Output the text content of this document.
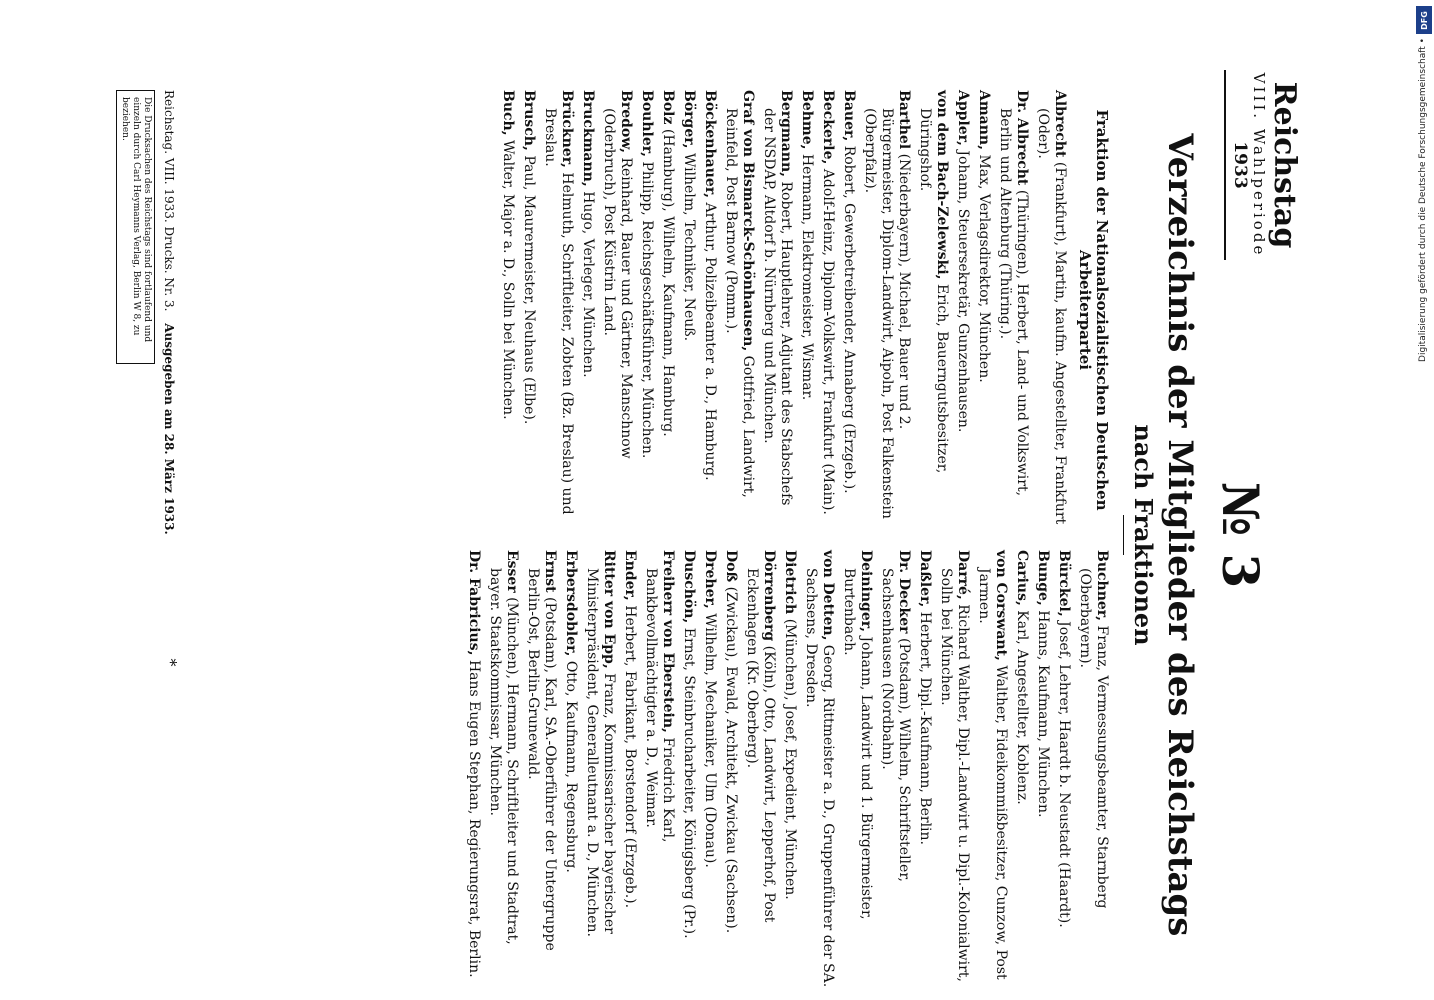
DFG
Digitalisierung gefördert durch die Deutsche Forschungsgemeinschaft •
Reichstag
VIII. Wahlperiode
1933
№ 3
Verzeichnis der Mitglieder des Reichstags
nach Fraktionen
Fraktion der Nationalsozialistischen Deutschen Arbeiterpartei
Albrecht (Frankfurt), Martin, kaufm. Angestellter, Frankfurt (Oder).
Dr. Albrecht (Thüringen), Herbert, Land- und Volkswirt, Berlin und Altenburg (Thüring.).
Amann, Max, Verlagsdirektor, München.
Appler, Johann, Steuersekretär, Gunzenhausen.
von dem Bach-Zelewski, Erich, Bauerngutsbesitzer, Düringshof.
Barthel (Niederbayern), Michael, Bauer und 2. Bürgermeister, Diplom-Landwirt, Aipoln, Post Falkenstein (Oberpfalz).
Bauer, Robert, Gewerbetreibender, Annaberg (Erzgeb.).
Beckerle, Adolf-Heinz, Diplom-Volkswirt, Frankfurt (Main).
Behme, Hermann, Elektromeister, Wismar.
Bergmann, Robert, Hauptlehrer, Adjutant des Stabschefs der NSDAP, Altdorf b. Nürnberg und München.
Graf von Bismarck-Schönhausen, Gottfried, Landwirt, Reinfeld, Post Barnow (Pomm.).
Böckenhauer, Arthur, Polizeibeamter a. D., Hamburg.
Börger, Wilhelm, Techniker, Neuß.
Bolz (Hamburg), Wilhelm, Kaufmann, Hamburg.
Bouhler, Philipp, Reichsgeschäftsführer, München.
Bredow, Reinhard, Bauer und Gärtner, Manschnow (Oderbruch), Post Küstrin Land.
Bruckmann, Hugo, Verleger, München.
Brückner, Helmuth, Schriftleiter, Zobten (Bz. Breslau) und Breslau.
Brusch, Paul, Maurermeister, Neuhaus (Elbe).
Buch, Walter, Major a. D., Solln bei München.
Buchner, Franz, Vermessungsbeamter, Starnberg (Oberbayern).
Bürckel, Josef, Lehrer, Haardt b. Neustadt (Haardt).
Bunge, Hanns, Kaufmann, München.
Carius, Karl, Angestellter, Koblenz.
von Corswant, Walther, Fideikommißbesitzer, Cunzow, Post Jarmen.
Darré, Richard Walther, Dipl.-Landwirt u. Dipl.-Kolonialwirt, Solln bei München.
Daßler, Herbert, Dipl.-Kaufmann, Berlin.
Dr. Decker (Potsdam), Wilhelm, Schriftsteller, Sachsenhausen (Nordbahn).
Deininger, Johann, Landwirt und 1. Bürgermeister, Burtenbach.
von Detten, Georg, Rittmeister a. D., Gruppenführer der SA. Sachsens, Dresden.
Dietrich (München), Josef, Expedient, München.
Dörrenberg (Köln), Otto, Landwirt, Lepperhof, Post Eckenhagen (Kr. Oberberg).
Doß (Zwickau), Ewald, Architekt, Zwickau (Sachsen).
Dreher, Wilhelm, Mechaniker, Ulm (Donau).
Duschön, Ernst, Steinbrucharbeiter, Königsberg (Pr.).
Freiherr von Eberstein, Friedrich Karl, Bankbevollmächtigter a. D., Weimar.
Ender, Herbert, Fabrikant, Borstendorf (Erzgeb.).
Ritter von Epp, Franz, Kommissarischer bayerischer Ministerpräsident, Generalleutnant a. D., München.
Erbersdobler, Otto, Kaufmann, Regensburg.
Ernst (Potsdam), Karl, SA.-Oberführer der Untergruppe Berlin-Ost, Berlin-Grunewald.
Esser (München), Hermann, Schriftleiter und Stadtrat, bayer. Staatskommissar, München.
Dr. Fabricius, Hans Eugen Stephan, Regierungsrat, Berlin.
Reichstag. VIII. 1933. Drucks. Nr. 3. Ausgegeben am 28. März 1933. *
Die Drucksachen des Reichstags sind fortlaufend und einzeln durch Carl Heymanns Verlag, Berlin W 8, zu beziehen.
